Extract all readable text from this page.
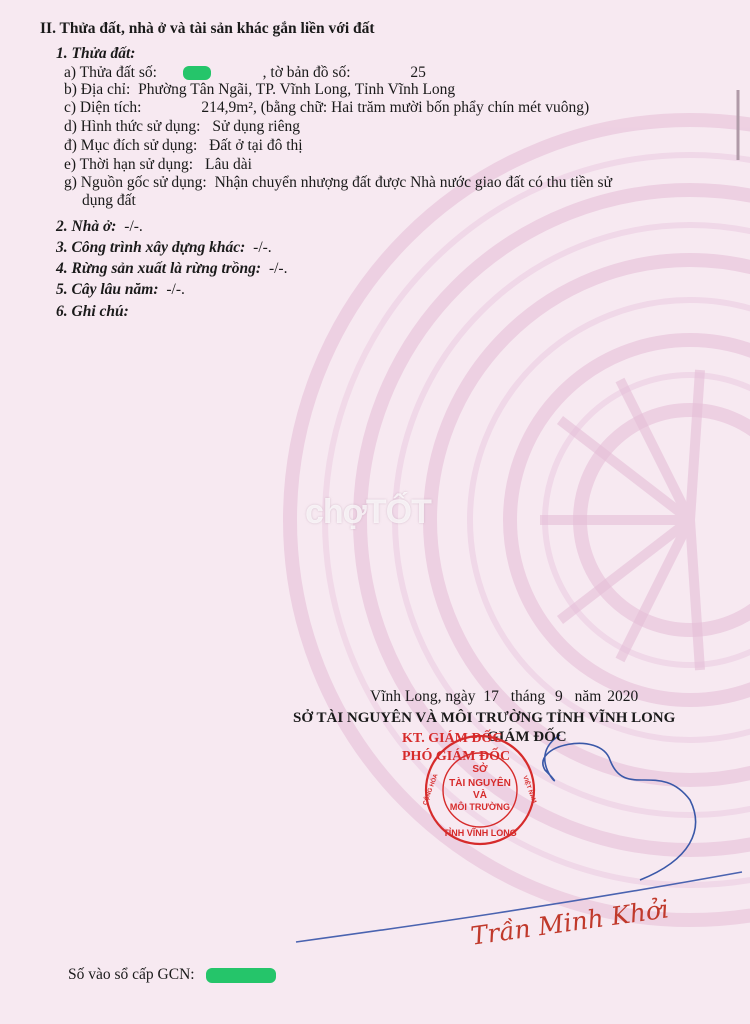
II. Thửa đất, nhà ở và tài sản khác gắn liền với đất
1. Thửa đất:
a) Thửa đất số:	, tờ bản đồ số:	25
b) Địa chỉ: Phường Tân Ngãi, TP. Vĩnh Long, Tỉnh Vĩnh Long
c) Diện tích:	214,9m², (bằng chữ: Hai trăm mười bốn phẩy chín mét vuông)
d) Hình thức sử dụng: Sử dụng riêng
đ) Mục đích sử dụng: Đất ở tại đô thị
e) Thời hạn sử dụng: Lâu dài
g) Nguồn gốc sử dụng: Nhận chuyển nhượng đất được Nhà nước giao đất có thu tiền sử
dụng đất
2. Nhà ở: -/-.
3. Công trình xây dựng khác: -/-.
4. Rừng sản xuất là rừng trồng: -/-.
5. Cây lâu năm: -/-.
6. Ghi chú:
chợTỐT
Vĩnh Long, ngày 17 tháng 9 năm 2020
SỞ TÀI NGUYÊN VÀ MÔI TRƯỜNG TỈNH VĨNH LONG
GIÁM ĐỐC
KT. GIÁM ĐỐC
PHÓ GIÁM ĐỐC
SỞ
TÀI NGUYÊN
VÀ
MÔI TRƯỜNG
TỈNH VĨNH LONG
CỘNG HÒA	VIỆT NAM
Trần Minh Khởi
Số vào sổ cấp GCN:
